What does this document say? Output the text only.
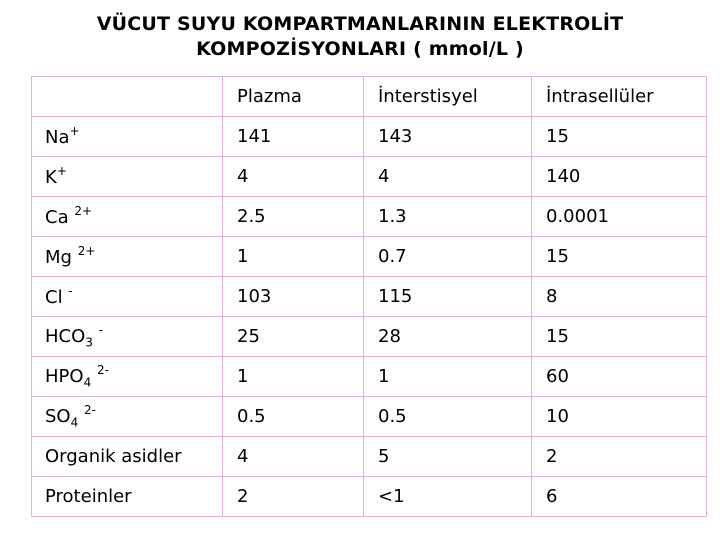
VÜCUT SUYU KOMPARTMANLARININ ELEKTROLİT
KOMPOZİSYONLARI ( mmol/L )
	Plazma	İnterstisyel	İntrasellüler
Na+	141	143	15
K+	4	4	140
Ca $^{2+}$	2.5	1.3	0.0001
Mg $^{2+}$	1	0.7	15
Cl -	103	115	8
$HCO_3$ -	25	28	15
$HPO_4$ $^{2-}$	1	1	60
$SO_4$ $^{2-}$	0.5	0.5	10
Organik asidler	4	5	2
Proteinler	2	<1	6
